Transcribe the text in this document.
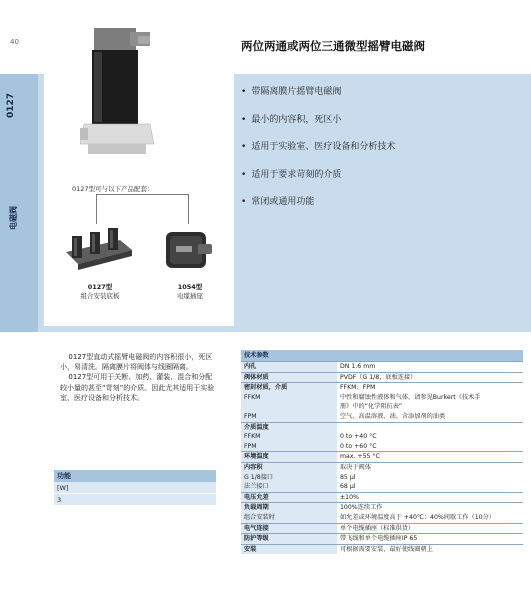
40
0127
电磁阀
0127型可与以下产品配套：
0127型
组合安装底板
1054型
电缆插座
两位两通或两位三通微型摇臂电磁阀
• 带隔离膜片摇臂电磁阀
• 最小的内容积，死区小
• 适用于实验室、医疗设备和分析技术
• 适用于要求苛刻的介质
• 常闭或通用功能

0127型直动式摇臂电磁阀的内容积很小，死区小，易清洗。隔离膜片将阀体与线圈隔离。

0127型可用于关断、加药、灌装、混合和分配较小量的甚至“苛刻”的介质。因此尤其适用于实验室、医疗设备和分析技术。

功能
[W]
3
技术参数	
内孔	DN 1.6 mm
阀体材质	PVDF（G 1/8，底板连接）
密封材质，介质	FFKM、FPM
FFKM	中性和腐蚀性液体和气体，请参见Burkert《技术手
	册》中的“化学阻抗表”
FPM	空气、高温溶液、油、含添加剂的油类
介质温度	
FFKM	0 to +40 °C
FPM	0 to +60 °C
环境温度	max. +55 °C
内容积	取决于阀体
G 1/8接口	85 µl
法兰接口	68 µl
电压允差	±10%
负载周期	100%连续工作
组合安装时	如允差或环境温度高于 +40℃：40%间歇工作（10分）
电气连接	单个电缆插座（标准供货）
防护等级	带飞线和单个电缆插座IP 65
安装	可根据需要安装，最好使线圈朝上
